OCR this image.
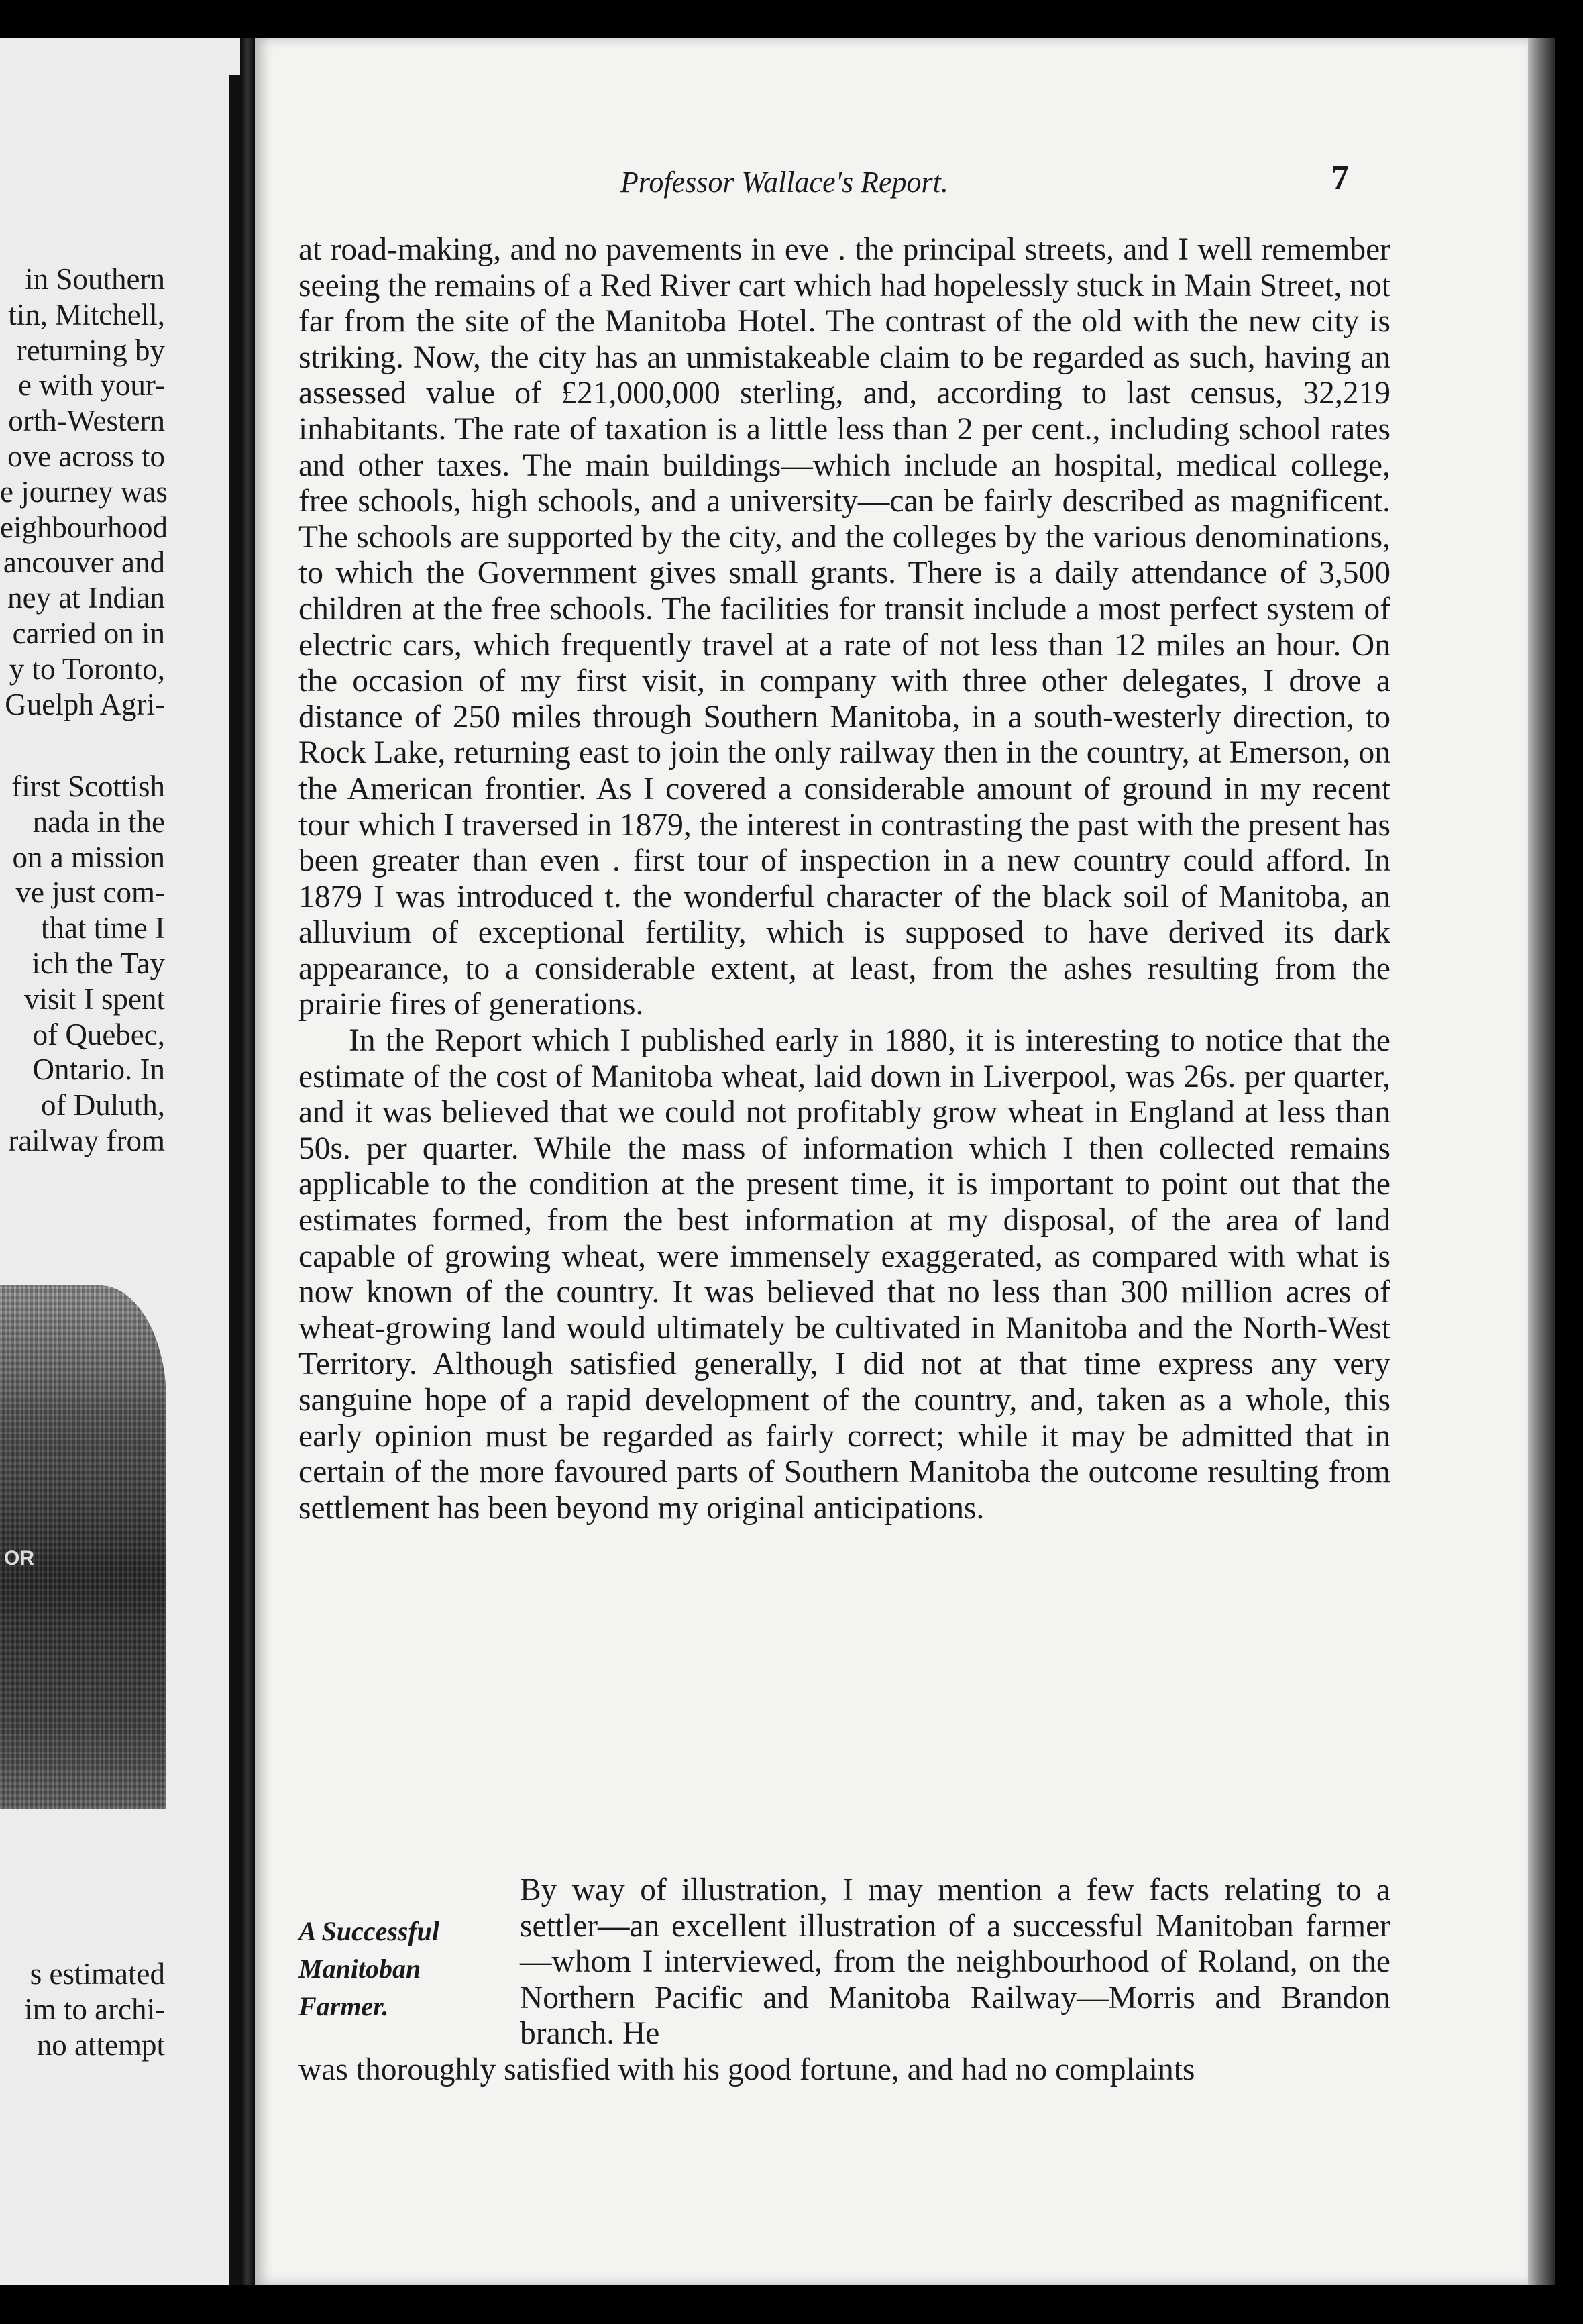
in Southern
tin, Mitchell,
returning by
e with your-
orth-Western
ove across to
e journey was
eighbourhood
ancouver and
ney at Indian
carried on in
y to Toronto,
Guelph Agri-
first Scottish
nada in the
on a mission
ve just com-
that time I
ich the Tay
visit I spent
of Quebec,
Ontario. In
of Duluth,
railway from
OR
s estimated
im to archi-
no attempt
Professor Wallace's Report.	7

at road-making, and no pavements in eve . the principal streets, and I well remember seeing the remains of a Red River cart which had hopelessly stuck in Main Street, not far from the site of the Manitoba Hotel. The contrast of the old with the new city is striking. Now, the city has an unmistakeable claim to be regarded as such, having an assessed value of £21,000,000 sterling, and, according to last census, 32,219 inhabitants. The rate of taxation is a little less than 2 per cent., including school rates and other taxes. The main buildings—which include an hospital, medical college, free schools, high schools, and a university—can be fairly described as magnificent. The schools are supported by the city, and the colleges by the various denominations, to which the Government gives small grants. There is a daily attendance of 3,500 children at the free schools. The facilities for transit include a most perfect system of electric cars, which frequently travel at a rate of not less than 12 miles an hour. On the occasion of my first visit, in company with three other delegates, I drove a distance of 250 miles through Southern Manitoba, in a south-westerly direction, to Rock Lake, returning east to join the only railway then in the country, at Emerson, on the American frontier. As I covered a considerable amount of ground in my recent tour which I traversed in 1879, the interest in contrasting the past with the present has been greater than even . first tour of inspection in a new country could afford. In 1879 I was introduced t. the wonderful character of the black soil of Manitoba, an alluvium of exceptional fertility, which is supposed to have derived its dark appearance, to a considerable extent, at least, from the ashes resulting from the prairie fires of generations.

In the Report which I published early in 1880, it is interesting to notice that the estimate of the cost of Manitoba wheat, laid down in Liverpool, was 26s. per quarter, and it was believed that we could not profitably grow wheat in England at less than 50s. per quarter. While the mass of information which I then collected remains applicable to the condition at the present time, it is important to point out that the estimates formed, from the best information at my disposal, of the area of land capable of growing wheat, were immensely exaggerated, as compared with what is now known of the country. It was believed that no less than 300 million acres of wheat-growing land would ultimately be cultivated in Manitoba and the North-West Territory. Although satisfied generally, I did not at that time express any very sanguine hope of a rapid development of the country, and, taken as a whole, this early opinion must be regarded as fairly correct; while it may be admitted that in certain of the more favoured parts of Southern Manitoba the outcome resulting from settlement has been beyond my original anticipations.

A Successful
Manitoban
Farmer.

By way of illustration, I may mention a few facts relating to a settler—an excellent illustration of a successful Manitoban farmer—whom I interviewed, from the neighbourhood of Roland, on the Northern Pacific and Manitoba Railway—Morris and Brandon branch. He

was thoroughly satisfied with his good fortune, and had no complaints
